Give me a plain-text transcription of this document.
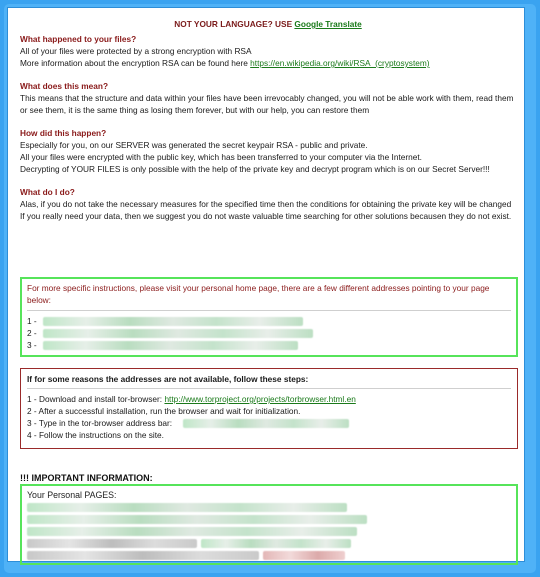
NOT YOUR LANGUAGE? USE Google Translate
What happened to your files?
All of your files were protected by a strong encryption with RSA
More information about the encryption RSA can be found here https://en.wikipedia.org/wiki/RSA_(cryptosystem)
What does this mean?
This means that the structure and data within your files have been irrevocably changed, you will not be able work with them, read them or see them, it is the same thing as losing them forever, but with our help, you can restore them
How did this happen?
Especially for you, on our SERVER was generated the secret keypair RSA - public and private.
All your files were encrypted with the public key, which has been transferred to your computer via the Internet.
Decrypting of YOUR FILES is only possible with the help of the private key and decrypt program which is on our Secret Server!!!
What do I do?
Alas, if you do not take the necessary measures for the specified time then the conditions for obtaining the private key will be changed
If you really need your data, then we suggest you do not waste valuable time searching for other solutions becausen they do not exist.
For more specific instructions, please visit your personal home page, there are a few different addresses pointing to your page below:
1 -
2 -
3 -
If for some reasons the addresses are not available, follow these steps:
1 - Download and install tor-browser: http://www.torproject.org/projects/torbrowser.html.en
2 - After a successful installation, run the browser and wait for initialization.
3 - Type in the tor-browser address bar:
4 - Follow the instructions on the site.
!!! IMPORTANT INFORMATION:
Your Personal PAGES:
